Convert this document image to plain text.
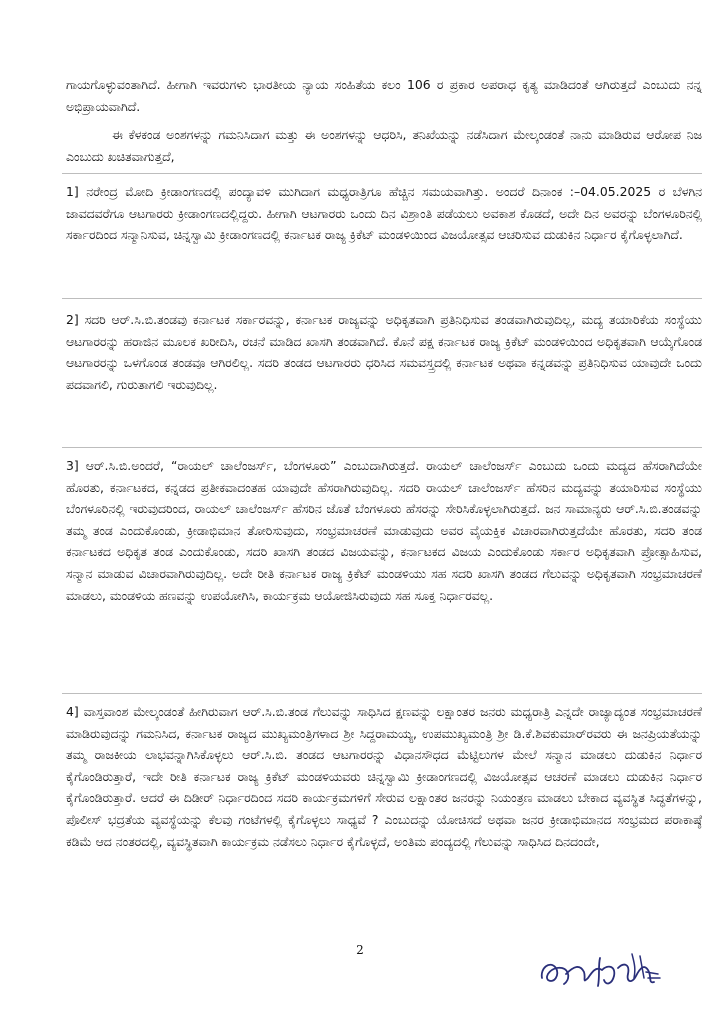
ಗಾಯಗೊಳ್ಳುವಂತಾಗಿದೆ. ಹೀಗಾಗಿ ಇವರುಗಳು ಭಾರತೀಯ ನ್ಯಾಯ ಸಂಹಿತೆಯ ಕಲಂ 106 ರ ಪ್ರಕಾರ ಅಪರಾಧ ಕೃತ್ಯ ಮಾಡಿದಂತೆ ಆಗಿರುತ್ತದೆ ಎಂಬುದು ನನ್ನ ಅಭಿಪ್ರಾಯವಾಗಿದೆ.

ಈ ಕೆಳಕಂಡ ಅಂಶಗಳನ್ನು ಗಮನಿಸಿದಾಗ ಮತ್ತು ಈ ಅಂಶಗಳನ್ನು ಆಧರಿಸಿ, ತನಿಖೆಯನ್ನು ನಡೆಸಿದಾಗ ಮೇಲ್ಕಂಡಂತೆ ನಾನು ಮಾಡಿರುವ ಆರೋಪ ನಿಜ ಎಂಬುದು ಖಚಿತವಾಗುತ್ತದೆ,

1] ನರೇಂದ್ರ ಮೋದಿ ಕ್ರೀಡಾಂಗಣದಲ್ಲಿ ಪಂದ್ಯಾವಳಿ ಮುಗಿದಾಗ ಮಧ್ಯರಾತ್ರಿಗೂ ಹೆಚ್ಚಿನ ಸಮಯವಾಗಿತ್ತು. ಅಂದರೆ ದಿನಾಂಕ :–04.05.2025 ರ ಬೆಳಗಿನ ಜಾವದವರೆಗೂ ಆಟಗಾರರು ಕ್ರೀಡಾಂಗಣದಲ್ಲಿದ್ದರು. ಹೀಗಾಗಿ ಆಟಗಾರರು ಒಂದು ದಿನ ವಿಶ್ರಾಂತಿ ಪಡೆಯಲು ಅವಕಾಶ ಕೊಡದೆ, ಅದೇ ದಿನ ಅವರನ್ನು ಬೆಂಗಳೂರಿನಲ್ಲಿ ಸರ್ಕಾರದಿಂದ ಸನ್ಮಾನಿಸುವ, ಚಿನ್ನಸ್ವಾಮಿ ಕ್ರೀಡಾಂಗಣದಲ್ಲಿ ಕರ್ನಾಟಕ ರಾಜ್ಯ ಕ್ರಿಕೆಟ್ ಮಂಡಳಿಯಿಂದ ವಿಜಯೋತ್ಸವ ಆಚರಿಸುವ ದುಡುಕಿನ ನಿರ್ಧಾರ ಕೈಗೊಳ್ಳಲಾಗಿದೆ.

2] ಸದರಿ ಆರ್.ಸಿ.ಬಿ.ತಂಡವು ಕರ್ನಾಟಕ ಸರ್ಕಾರವನ್ನು, ಕರ್ನಾಟಕ ರಾಜ್ಯವನ್ನು ಅಧಿಕೃತವಾಗಿ ಪ್ರತಿನಿಧಿಸುವ ತಂಡವಾಗಿರುವುದಿಲ್ಲ, ಮದ್ಯ ತಯಾರಿಕೆಯ ಸಂಸ್ಥೆಯು ಆಟಗಾರರನ್ನು ಹರಾಜಿನ ಮೂಲಕ ಖರೀದಿಸಿ, ರಚನೆ ಮಾಡಿದ ಖಾಸಗಿ ತಂಡವಾಗಿದೆ. ಕೊನೆ ಪಕ್ಷ ಕರ್ನಾಟಕ ರಾಜ್ಯ ಕ್ರಿಕೆಟ್ ಮಂಡಳಿಯಿಂದ ಅಧಿಕೃತವಾಗಿ ಆಯ್ಕೆಗೊಂಡ ಆಟಗಾರರನ್ನು ಒಳಗೊಂಡ ತಂಡವೂ ಆಗಿರಲಿಲ್ಲ. ಸದರಿ ತಂಡದ ಆಟಗಾರರು ಧರಿಸಿದ ಸಮವಸ್ತ್ರದಲ್ಲಿ ಕರ್ನಾಟಕ ಅಥವಾ ಕನ್ನಡವನ್ನು ಪ್ರತಿನಿಧಿಸುವ ಯಾವುದೇ ಒಂದು ಪದವಾಗಲಿ, ಗುರುತಾಗಲಿ ಇರುವುದಿಲ್ಲ.

3] ಆರ್.ಸಿ.ಬಿ.ಅಂದರೆ, “ರಾಯಲ್ ಚಾಲೆಂಜರ್ಸ್, ಬೆಂಗಳೂರು” ಎಂಬುದಾಗಿರುತ್ತದೆ. ರಾಯಲ್ ಚಾಲೆಂಜರ್ಸ್ ಎಂಬುದು ಒಂದು ಮದ್ಯದ ಹೆಸರಾಗಿದೆಯೇ ಹೊರತು, ಕರ್ನಾಟಕದ, ಕನ್ನಡದ ಪ್ರತೀಕವಾದಂತಹ ಯಾವುದೇ ಹೆಸರಾಗಿರುವುದಿಲ್ಲ. ಸದರಿ ರಾಯಲ್ ಚಾಲೆಂಜರ್ಸ್ ಹೆಸರಿನ ಮದ್ಯವನ್ನು ತಯಾರಿಸುವ ಸಂಸ್ಥೆಯು ಬೆಂಗಳೂರಿನಲ್ಲಿ ಇರುವುದರಿಂದ, ರಾಯಲ್ ಚಾಲೆಂಜರ್ಸ್ ಹೆಸರಿನ ಜೊತೆ ಬೆಂಗಳೂರು ಹೆಸರನ್ನು ಸೇರಿಸಿಕೊಳ್ಳಲಾಗಿರುತ್ತದೆ. ಜನ ಸಾಮಾನ್ಯರು ಆರ್.ಸಿ.ಬಿ.ತಂಡವನ್ನು ತಮ್ಮ ತಂಡ ಎಂದುಕೊಂಡು, ಕ್ರೀಡಾಭಿಮಾನ ತೋರಿಸುವುದು, ಸಂಭ್ರಮಾಚರಣೆ ಮಾಡುವುದು ಅವರ ವೈಯಕ್ತಿಕ ವಿಚಾರವಾಗಿರುತ್ತದೆಯೇ ಹೊರತು, ಸದರಿ ತಂಡ ಕರ್ನಾಟಕದ ಅಧಿಕೃತ ತಂಡ ಎಂದುಕೊಂಡು, ಸದರಿ ಖಾಸಗಿ ತಂಡದ ವಿಜಯವನ್ನು, ಕರ್ನಾಟಕದ ವಿಜಯ ಎಂದುಕೊಂಡು ಸರ್ಕಾರ ಅಧಿಕೃತವಾಗಿ ಪ್ರೋತ್ಸಾಹಿಸುವ, ಸನ್ಮಾನ ಮಾಡುವ ವಿಚಾರವಾಗಿರುವುದಿಲ್ಲ. ಅದೇ ರೀತಿ ಕರ್ನಾಟಕ ರಾಜ್ಯ ಕ್ರಿಕೆಟ್ ಮಂಡಳಿಯು ಸಹ ಸದರಿ ಖಾಸಗಿ ತಂಡದ ಗೆಲುವನ್ನು ಅಧಿಕೃತವಾಗಿ ಸಂಭ್ರಮಾಚರಣೆ ಮಾಡಲು, ಮಂಡಳಿಯ ಹಣವನ್ನು ಉಪಯೋಗಿಸಿ, ಕಾರ್ಯಕ್ರಮ ಆಯೋಜಿಸಿರುವುದು ಸಹ ಸೂಕ್ತ ನಿರ್ಧಾರವಲ್ಲ.

4] ವಾಸ್ತವಾಂಶ ಮೇಲ್ಕಂಡಂತೆ ಹೀಗಿರುವಾಗ ಆರ್.ಸಿ.ಬಿ.ತಂಡ ಗೆಲುವನ್ನು ಸಾಧಿಸಿದ ಕ್ಷಣವನ್ನು ಲಕ್ಷಾಂತರ ಜನರು ಮಧ್ಯರಾತ್ರಿ ಎನ್ನದೇ ರಾಜ್ಯಾದ್ಯಂತ ಸಂಭ್ರಮಾಚರಣೆ ಮಾಡಿರುವುದನ್ನು ಗಮನಿಸಿದ, ಕರ್ನಾಟಕ ರಾಜ್ಯದ ಮುಖ್ಯಮಂತ್ರಿಗಳಾದ ಶ್ರೀ ಸಿದ್ದರಾಮಯ್ಯ, ಉಪಮುಖ್ಯಮಂತ್ರಿ ಶ್ರೀ ಡಿ.ಕೆ.ಶಿವಕುಮಾರ್‌ರವರು ಈ ಜನಪ್ರಿಯತೆಯನ್ನು ತಮ್ಮ ರಾಜಕೀಯ ಲಾಭವನ್ನಾಗಿಸಿಕೊಳ್ಳಲು ಆರ್.ಸಿ.ಬಿ. ತಂಡದ ಆಟಗಾರರನ್ನು ವಿಧಾನಸೌಧದ ಮೆಟ್ಟಿಲುಗಳ ಮೇಲೆ ಸನ್ಮಾನ ಮಾಡಲು ದುಡುಕಿನ ನಿರ್ಧಾರ ಕೈಗೊಂಡಿರುತ್ತಾರೆ, ಇದೇ ರೀತಿ ಕರ್ನಾಟಕ ರಾಜ್ಯ ಕ್ರಿಕೆಟ್ ಮಂಡಳಿಯವರು ಚಿನ್ನಸ್ವಾಮಿ ಕ್ರೀಡಾಂಗಣದಲ್ಲಿ ವಿಜಯೋತ್ಸವ ಆಚರಣೆ ಮಾಡಲು ದುಡುಕಿನ ನಿರ್ಧಾರ ಕೈಗೊಂಡಿರುತ್ತಾರೆ. ಆದರೆ ಈ ದಿಡೀರ್ ನಿರ್ಧಾರದಿಂದ ಸದರಿ ಕಾರ್ಯಕ್ರಮಗಳಿಗೆ ಸೇರುವ ಲಕ್ಷಾಂತರ ಜನರನ್ನು ನಿಯಂತ್ರಣ ಮಾಡಲು ಬೇಕಾದ ವ್ಯವಸ್ಥಿತ ಸಿದ್ಧತೆಗಳನ್ನು, ಪೊಲೀಸ್ ಭದ್ರತೆಯ ವ್ಯವಸ್ಥೆಯನ್ನು ಕೆಲವು ಗಂಟೆಗಳಲ್ಲಿ ಕೈಗೊಳ್ಳಲು ಸಾಧ್ಯವೆ ? ಎಂಬುದನ್ನು ಯೋಚಿಸದೆ ಅಥವಾ ಜನರ ಕ್ರೀಡಾಭಿಮಾನದ ಸಂಭ್ರಮದ ಪರಾಕಾಷ್ಠೆ ಕಡಿಮೆ ಆದ ನಂತರದಲ್ಲಿ, ವ್ಯವಸ್ಥಿತವಾಗಿ ಕಾರ್ಯಕ್ರಮ ನಡೆಸಲು ನಿರ್ಧಾರ ಕೈಗೊಳ್ಳದೆ, ಅಂತಿಮ ಪಂದ್ಯದಲ್ಲಿ ಗೆಲುವನ್ನು ಸಾಧಿಸಿದ ದಿನದಂದೇ,

2
